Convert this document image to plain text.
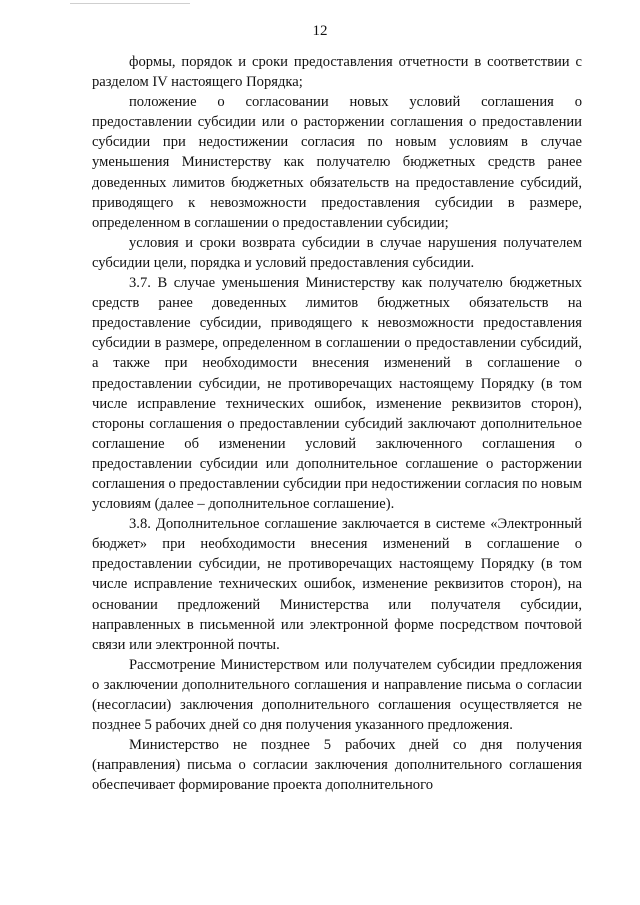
12

формы, порядок и сроки предоставления отчетности в соответствии с разделом IV настоящего Порядка;

положение о согласовании новых условий соглашения о предоставлении субсидии или о расторжении соглашения о предоставлении субсидии при недостижении согласия по новым условиям в случае уменьшения Министерству как получателю бюджетных средств ранее доведенных лимитов бюджетных обязательств на предоставление субсидий, приводящего к невозможности предоставления субсидии в размере, определенном в соглашении о предоставлении субсидии;

условия и сроки возврата субсидии в случае нарушения получателем субсидии цели, порядка и условий предоставления субсидии.

3.7. В случае уменьшения Министерству как получателю бюджетных средств ранее доведенных лимитов бюджетных обязательств на предоставление субсидии, приводящего к невозможности предоставления субсидии в размере, определенном в соглашении о предоставлении субсидий, а также при необходимости внесения изменений в соглашение о предоставлении субсидии, не противоречащих настоящему Порядку (в том числе исправление технических ошибок, изменение реквизитов сторон), стороны соглашения о предоставлении субсидий заключают дополнительное соглашение об изменении условий заключенного соглашения о предоставлении субсидии или дополнительное соглашение о расторжении соглашения о предоставлении субсидии при недостижении согласия по новым условиям (далее – дополнительное соглашение).

3.8. Дополнительное соглашение заключается в системе «Электронный бюджет» при необходимости внесения изменений в соглашение о предоставлении субсидии, не противоречащих настоящему Порядку (в том числе исправление технических ошибок, изменение реквизитов сторон), на основании предложений Министерства или получателя субсидии, направленных в письменной или электронной форме посредством почтовой связи или электронной почты.

Рассмотрение Министерством или получателем субсидии предложения о заключении дополнительного соглашения и направление письма о согласии (несогласии) заключения дополнительного соглашения осуществляется не позднее 5 рабочих дней со дня получения указанного предложения.

Министерство не позднее 5 рабочих дней со дня получения (направления) письма о согласии заключения дополнительного соглашения обеспечивает формирование проекта дополнительного
